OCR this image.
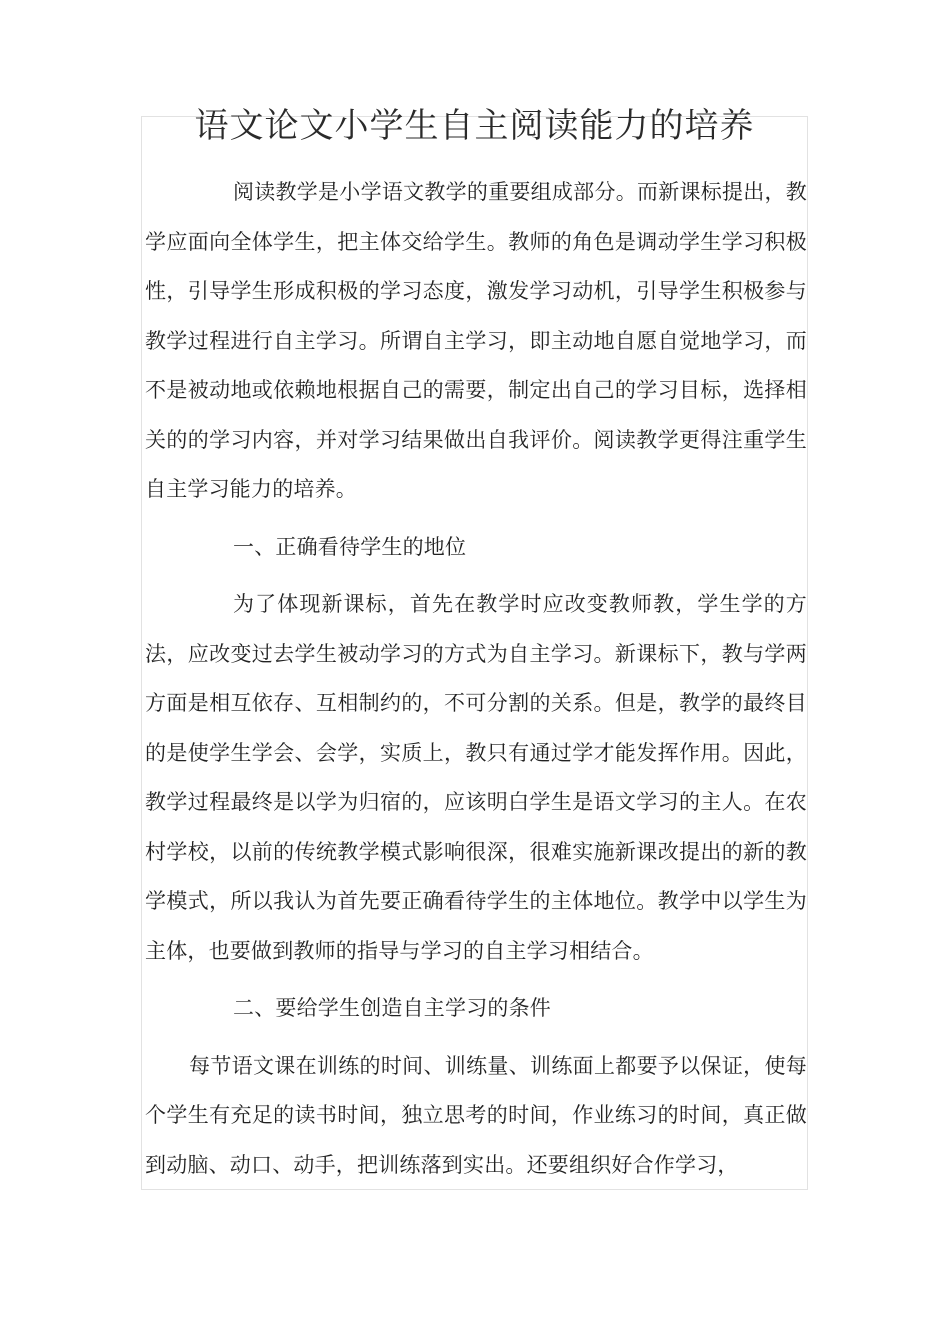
语文论文小学生自主阅读能力的培养

阅读教学是小学语文教学的重要组成部分。而新课标提出，教学应面向全体学生，把主体交给学生。教师的角色是调动学生学习积极性，引导学生形成积极的学习态度，激发学习动机，引导学生积极参与教学过程进行自主学习。所谓自主学习，即主动地自愿自觉地学习，而不是被动地或依赖地根据自己的需要，制定出自己的学习目标，选择相关的的学习内容，并对学习结果做出自我评价。阅读教学更得注重学生自主学习能力的培养。

一、正确看待学生的地位

为了体现新课标，首先在教学时应改变教师教，学生学的方法，应改变过去学生被动学习的方式为自主学习。新课标下，教与学两方面是相互依存、互相制约的，不可分割的关系。但是，教学的最终目的是使学生学会、会学，实质上，教只有通过学才能发挥作用。因此，教学过程最终是以学为归宿的，应该明白学生是语文学习的主人。在农村学校，以前的传统教学模式影响很深，很难实施新课改提出的新的教学模式，所以我认为首先要正确看待学生的主体地位。教学中以学生为主体，也要做到教师的指导与学习的自主学习相结合。

二、要给学生创造自主学习的条件

每节语文课在训练的时间、训练量、训练面上都要予以保证，使每个学生有充足的读书时间，独立思考的时间，作业练习的时间，真正做到动脑、动口、动手，把训练落到实出。还要组织好合作学习，
